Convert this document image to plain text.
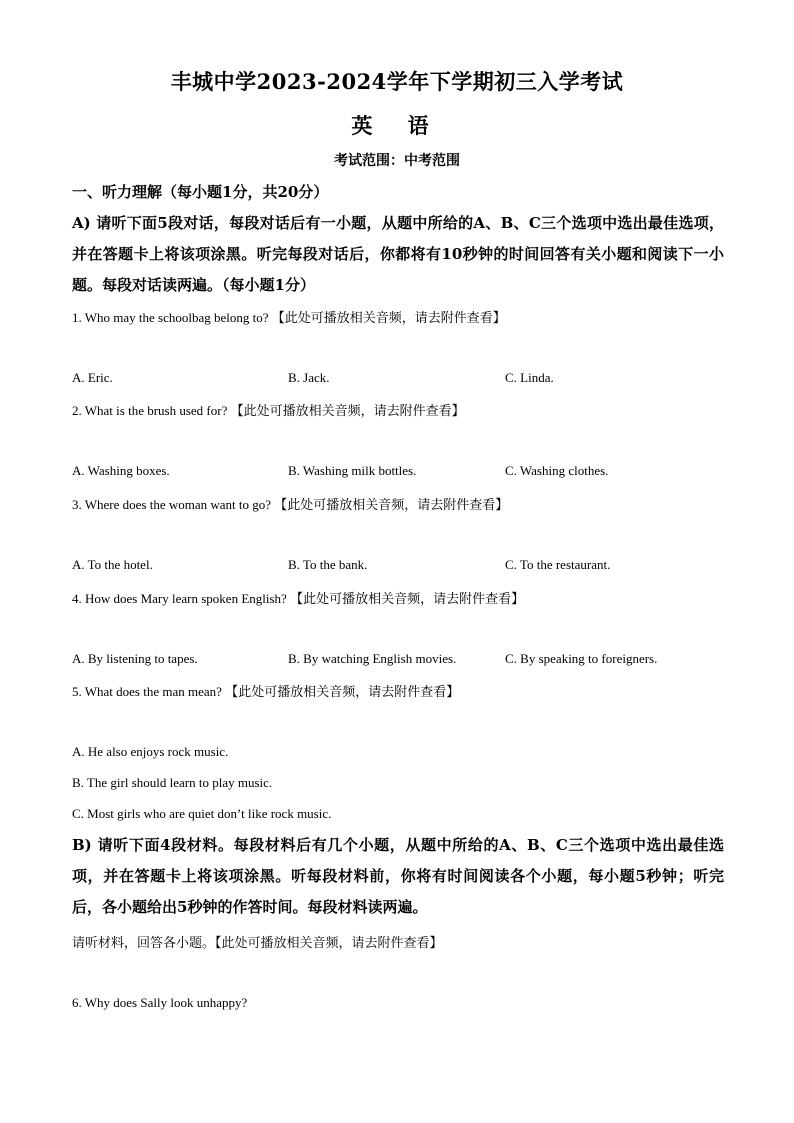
丰城中学2023-2024学年下学期初三入学考试
英 语
考试范围：中考范围
一、听力理解（每小题1分，共20分）
A) 请听下面5段对话，每段对话后有一小题，从题中所给的A、B、C三个选项中选出最佳选项，并在答题卡上将该项涂黑。听完每段对话后，你都将有10秒钟的时间回答有关小题和阅读下一小题。每段对话读两遍。（每小题1分）
1. Who may the schoolbag belong to? 【此处可播放相关音频，请去附件查看】
A. Eric.	B. Jack.	C. Linda.
2. What is the brush used for? 【此处可播放相关音频，请去附件查看】
A. Washing boxes.	B. Washing milk bottles.	C. Washing clothes.
3. Where does the woman want to go? 【此处可播放相关音频，请去附件查看】
A. To the hotel.	B. To the bank.	C. To the restaurant.
4. How does Mary learn spoken English? 【此处可播放相关音频，请去附件查看】
A. By listening to tapes.	B. By watching English movies.	C. By speaking to foreigners.
5. What does the man mean? 【此处可播放相关音频，请去附件查看】
A. He also enjoys rock music.
B. The girl should learn to play music.
C. Most girls who are quiet don’t like rock music.
B) 请听下面4段材料。每段材料后有几个小题，从题中所给的A、B、C三个选项中选出最佳选项，并在答题卡上将该项涂黑。听每段材料前，你将有时间阅读各个小题，每小题5秒钟；听完后，各小题给出5秒钟的作答时间。每段材料读两遍。
请听材料，回答各小题。【此处可播放相关音频，请去附件查看】
6. Why does Sally look unhappy?
